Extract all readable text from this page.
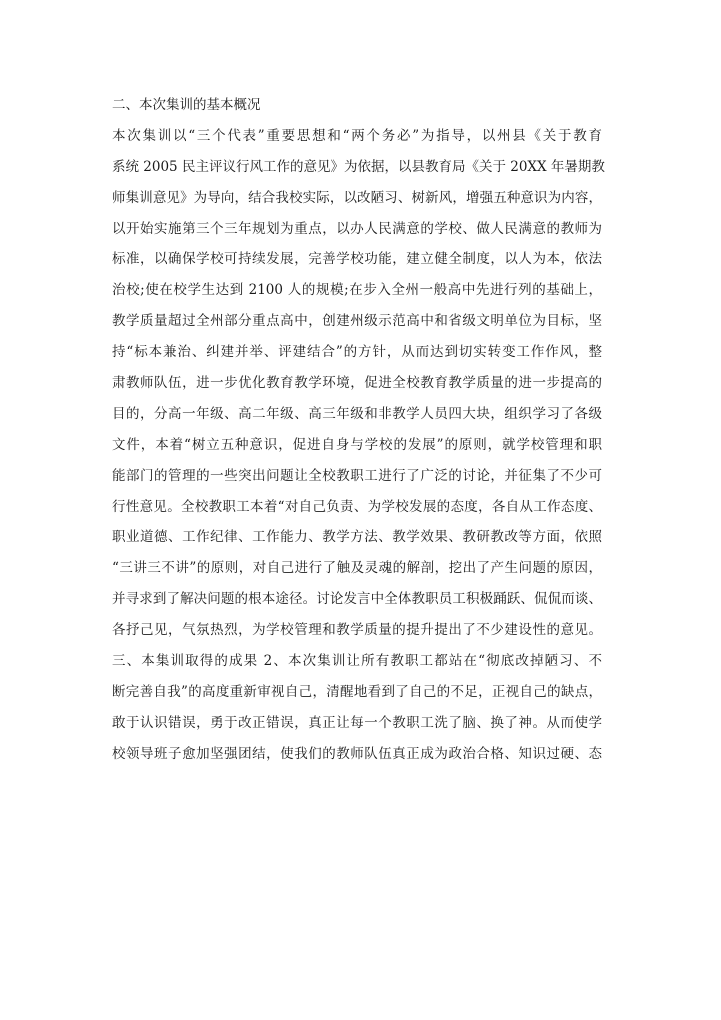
二、本次集训的基本概况
本次集训以“三个代表”重要思想和“两个务必”为指导，以州县《关于教育
系统 2005 民主评议行风工作的意见》为依据，以县教育局《关于 20XX 年暑期教
师集训意见》为导向，结合我校实际，以改陋习、树新风，增强五种意识为内容，
以开始实施第三个三年规划为重点，以办人民满意的学校、做人民满意的教师为
标准，以确保学校可持续发展，完善学校功能，建立健全制度，以人为本，依法
治校;使在校学生达到 2100 人的规模;在步入全州一般高中先进行列的基础上，
教学质量超过全州部分重点高中，创建州级示范高中和省级文明单位为目标，坚
持“标本兼治、纠建并举、评建结合”的方针，从而达到切实转变工作作风，整
肃教师队伍，进一步优化教育教学环境，促进全校教育教学质量的进一步提高的
目的，分高一年级、高二年级、高三年级和非教学人员四大块，组织学习了各级
文件，本着“树立五种意识，促进自身与学校的发展”的原则，就学校管理和职
能部门的管理的一些突出问题让全校教职工进行了广泛的讨论，并征集了不少可
行性意见。全校教职工本着“对自己负责、为学校发展的态度，各自从工作态度、
职业道德、工作纪律、工作能力、教学方法、教学效果、教研教改等方面，依照
“三讲三不讲”的原则，对自己进行了触及灵魂的解剖，挖出了产生问题的原因，
并寻求到了解决问题的根本途径。讨论发言中全体教职员工积极踊跃、侃侃而谈、
各抒己见，气氛热烈，为学校管理和教学质量的提升提出了不少建设性的意见。
三、本集训取得的成果 2、本次集训让所有教职工都站在“彻底改掉陋习、不
断完善自我”的高度重新审视自己，清醒地看到了自己的不足，正视自己的缺点，
敢于认识错误，勇于改正错误，真正让每一个教职工洗了脑、换了神。从而使学
校领导班子愈加坚强团结，使我们的教师队伍真正成为政治合格、知识过硬、态
